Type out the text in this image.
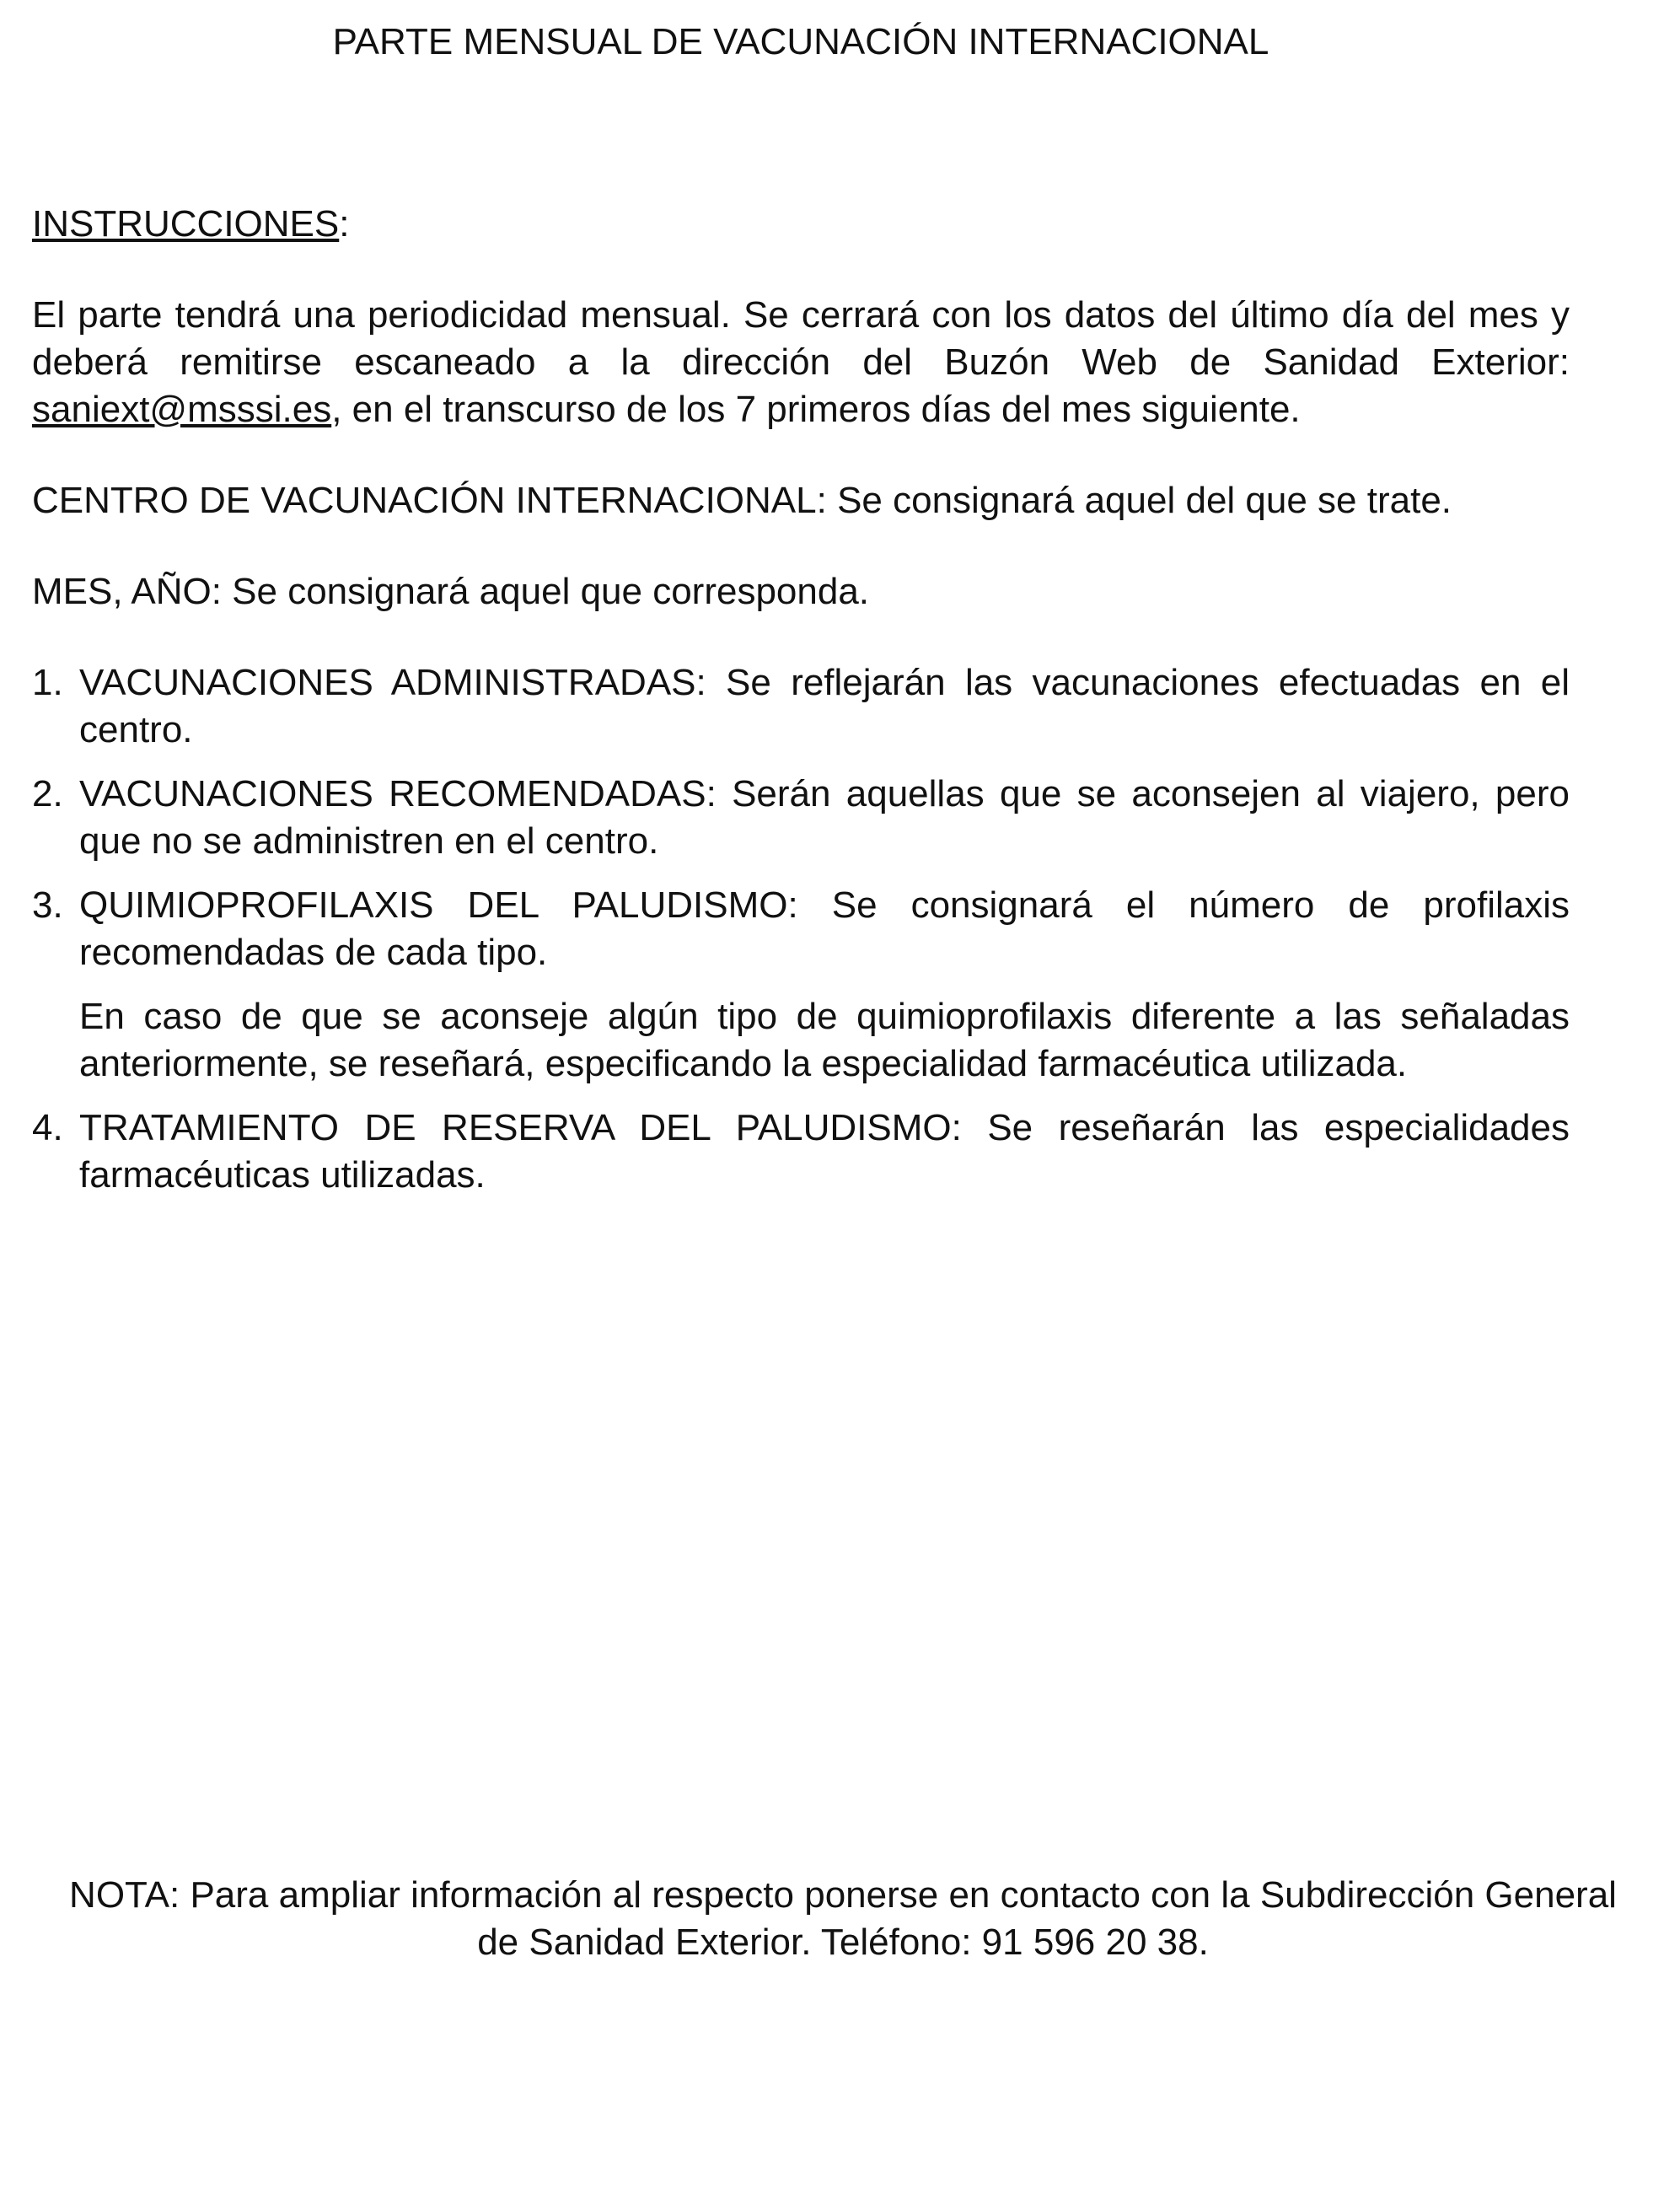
PARTE MENSUAL DE VACUNACIÓN INTERNACIONAL
INSTRUCCIONES:

El parte tendrá una periodicidad mensual. Se cerrará con los datos del último día del mes y deberá remitirse escaneado a la dirección del Buzón Web de Sanidad Exterior: saniext@msssi.es, en el transcurso de los 7 primeros días del mes siguiente.

CENTRO DE VACUNACIÓN INTERNACIONAL: Se consignará aquel del que se trate.

MES, AÑO: Se consignará aquel que corresponda.

1. VACUNACIONES ADMINISTRADAS: Se reflejarán las vacunaciones efectuadas en el centro.

2. VACUNACIONES RECOMENDADAS: Serán aquellas que se aconsejen al viajero, pero que no se administren en el centro.

3. QUIMIOPROFILAXIS DEL PALUDISMO: Se consignará el número de profilaxis recomendadas de cada tipo.

En caso de que se aconseje algún tipo de quimioprofilaxis diferente a las señaladas anteriormente, se reseñará, especificando la especialidad farmacéutica utilizada.

4. TRATAMIENTO DE RESERVA DEL PALUDISMO: Se reseñarán las especialidades farmacéuticas utilizadas.

NOTA: Para ampliar información al respecto ponerse en contacto con la Subdirección General
de Sanidad Exterior. Teléfono: 91 596 20 38.
